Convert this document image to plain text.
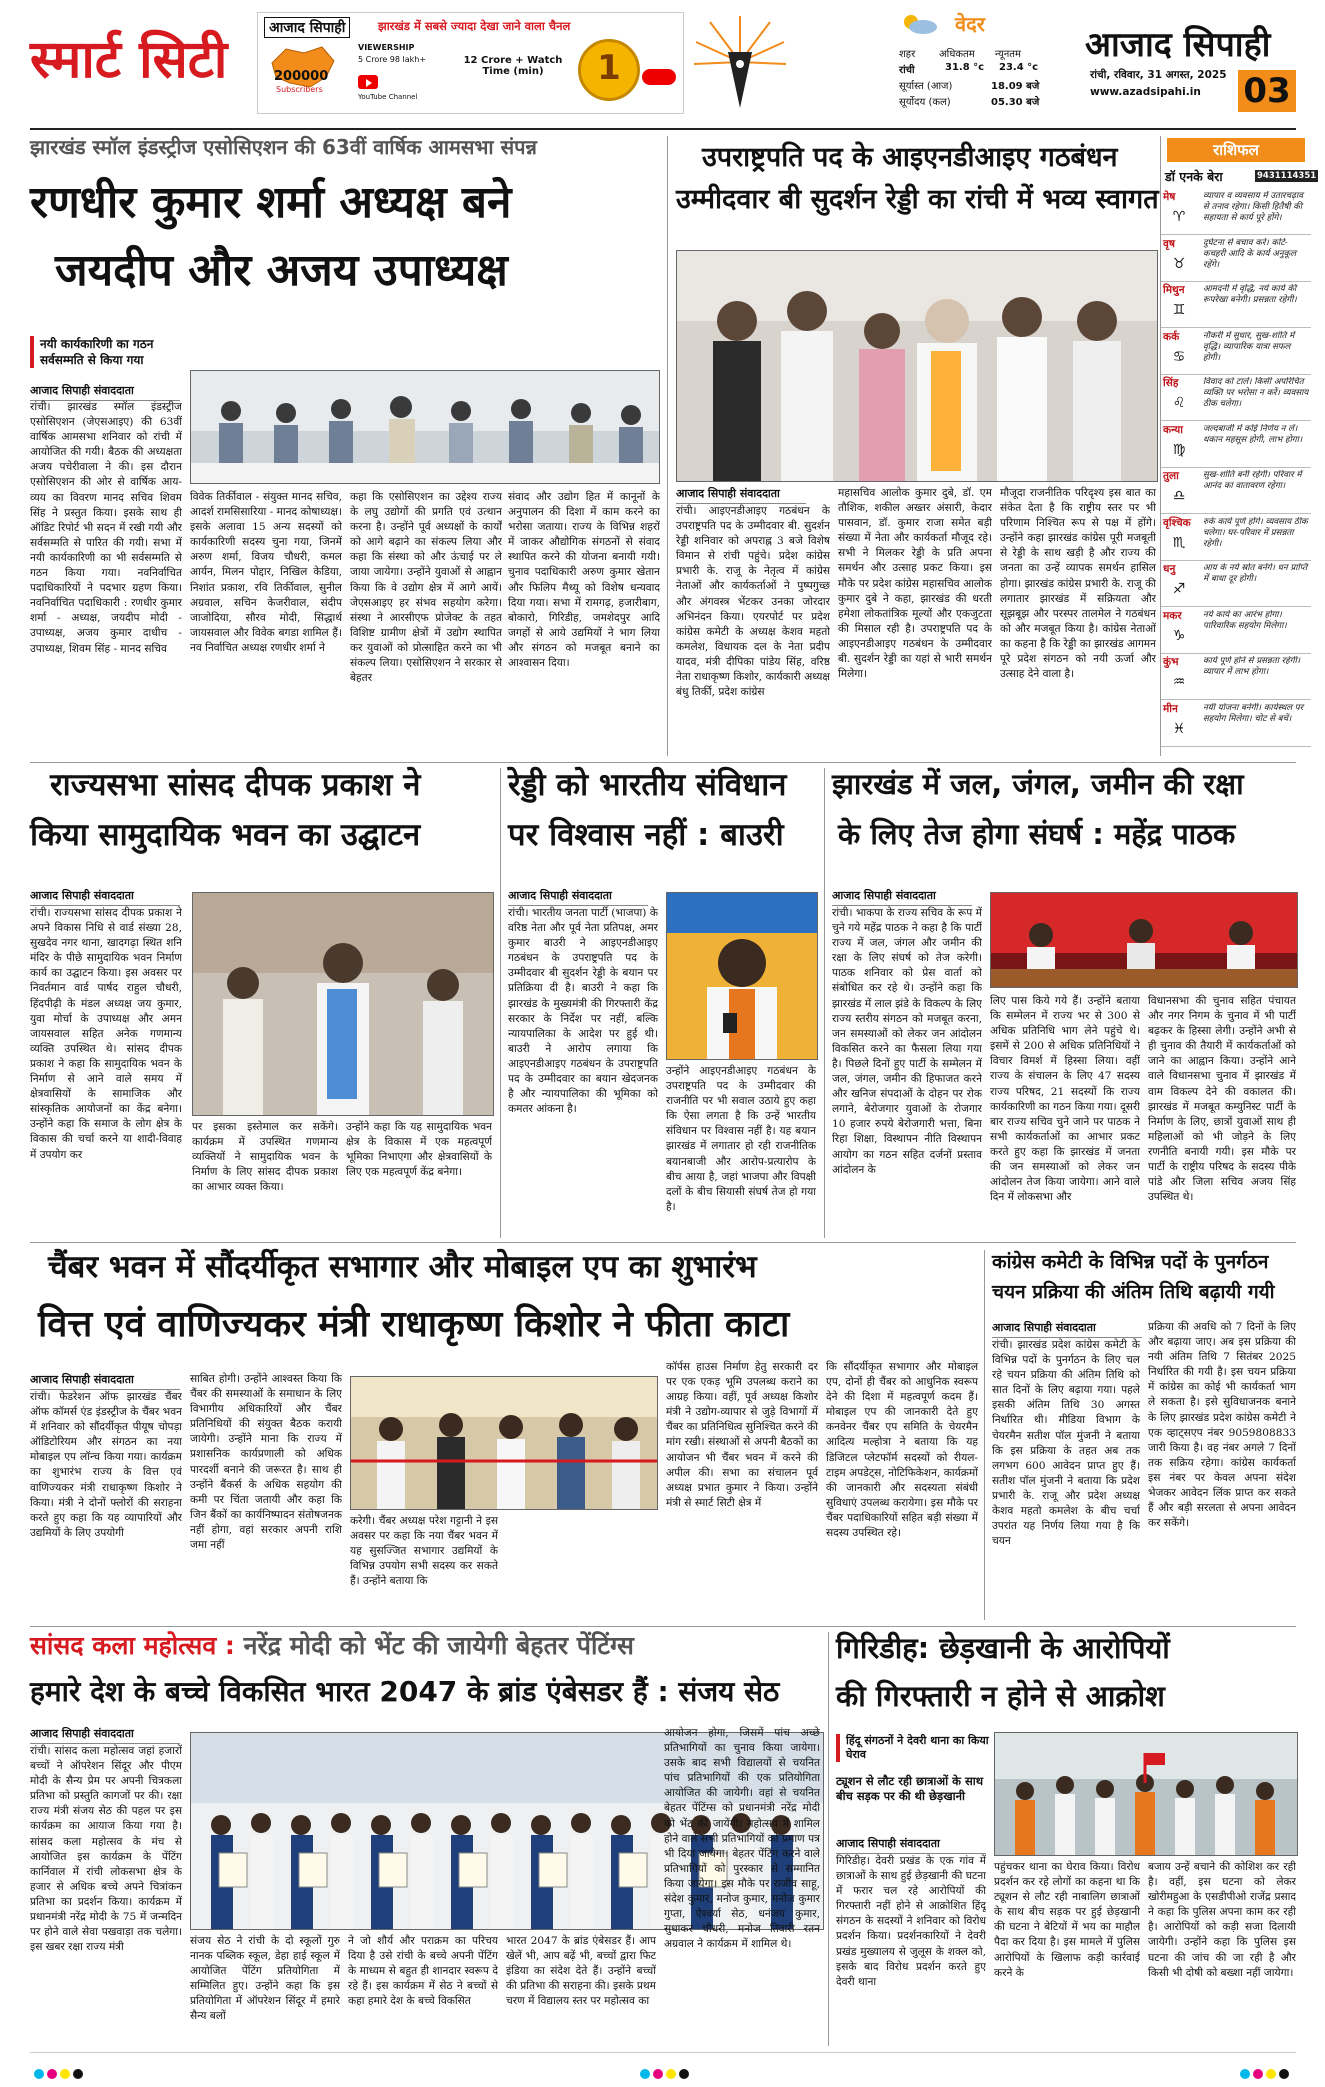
स्मार्ट सिटी
आजाद सिपाही	झारखंड में सबसे ज्यादा देखा जाने वाला चैनल
200000
Subscribers
VIEWERSHIP
5 Crore 98 lakh+
YouTube Channel
12 Crore + Watch Time (min)	1
वेदर
शहर अधिकतम न्यूनतम
रांची	31.8 °c 23.4 °c
सूर्यास्त (आज)	18.09 बजे
सूर्योदय (कल)	05.30 बजे
आजाद सिपाही
रांची, रविवार, 31 अगस्त, 2025
www.azadsipahi.in 03
झारखंड स्मॉल इंडस्ट्रीज एसोसिएशन की 63वीं वार्षिक आमसभा संपन्न
रणधीर कुमार शर्मा अध्यक्ष बने
जयदीप और अजय उपाध्यक्ष
नयी कार्यकारिणी का गठन सर्वसम्मति से किया गया
आजाद सिपाही संवाददाता
रांची। झारखंड स्मॉल इंडस्ट्रीज एसोसिएशन (जेएसआइए) की 63वीं वार्षिक आमसभा शनिवार को रांची में आयोजित की गयी। बैठक की अध्यक्षता अजय पचेरीवाला ने की। इस दौरान एसोसिएशन की ओर से वार्षिक आय-व्यय का विवरण मानद सचिव शिवम सिंह ने प्रस्तुत किया। इसके साथ ही ऑडिट रिपोर्ट भी सदन में रखी गयी और सर्वसम्मति से पारित की गयी। सभा में नयी कार्यकारिणी का भी सर्वसम्मति से गठन किया गया। नवनिर्वाचित पदाधिकारियों ने पदभार ग्रहण किया। नवनिर्वाचित पदाधिकारी : रणधीर कुमार शर्मा - अध्यक्ष, जयदीप मोदी - उपाध्यक्ष, अजय कुमार दाधीच - उपाध्यक्ष, शिवम सिंह - मानद सचिव
विवेक तिर्कीवाल - संयुक्त मानद सचिव, आदर्श रामसिसारिया - मानद कोषाध्यक्ष। इसके अलावा 15 अन्य सदस्यों को कार्यकारिणी सदस्य चुना गया, जिनमें अरुण शर्मा, विजय चौधरी, कमल आर्यन, मिलन पोद्दार, निखिल केडिया, निशांत प्रकाश, रवि तिर्कीवाल, सुनील अग्रवाल, सचिन केजरीवाल, संदीप जाजोदिया, सौरव मोदी, सिद्धार्थ जायसवाल और विवेक बगडा शामिल हैं। नव निर्वाचित अध्यक्ष रणधीर शर्मा ने
कहा कि एसोसिएशन का उद्देश्य राज्य के लघु उद्योगों की प्रगति एवं उत्थान करना है। उन्होंने पूर्व अध्यक्षों के कार्यों को आगे बढ़ाने का संकल्प लिया और कहा कि संस्था को और ऊंचाई पर ले जाया जायेगा। उन्होंने युवाओं से आह्वान किया कि वे उद्योग क्षेत्र में आगे आयें। जेएसआइए हर संभव सहयोग करेगा। संस्था ने आरसीएफ प्रोजेक्ट के तहत विशिष्ट ग्रामीण क्षेत्रों में उद्योग स्थापित कर युवाओं को प्रोत्साहित करने का भी संकल्प लिया। एसोसिएशन ने सरकार से बेहतर
संवाद और उद्योग हित में कानूनों के अनुपालन की दिशा में काम करने का भरोसा जताया। राज्य के विभिन्न शहरों में जाकर औद्योगिक संगठनों से संवाद स्थापित करने की योजना बनायी गयी। चुनाव पदाधिकारी अरुण कुमार खेतान और फिलिप मैथ्यू को विशेष धन्यवाद दिया गया। सभा में रामगढ़, हजारीबाग, बोकारो, गिरिडीह, जमशेदपुर आदि जगहों से आये उद्यमियों ने भाग लिया और संगठन को मजबूत बनाने का आश्वासन दिया।
उपराष्ट्रपति पद के आइएनडीआइए गठबंधन
उम्मीदवार बी सुदर्शन रेड्डी का रांची में भव्य स्वागत
आजाद सिपाही संवाददाता
रांची। आइएनडीआइए गठबंधन के उपराष्ट्रपति पद के उम्मीदवार बी. सुदर्शन रेड्डी शनिवार को अपराह्न 3 बजे विशेष विमान से रांची पहुंचे। प्रदेश कांग्रेस प्रभारी के. राजू के नेतृत्व में कांग्रेस नेताओं और कार्यकर्ताओं ने पुष्पगुच्छ और अंगवस्त्र भेंटकर उनका जोरदार अभिनंदन किया। एयरपोर्ट पर प्रदेश कांग्रेस कमेटी के अध्यक्ष केशव महतो कमलेश, विधायक दल के नेता प्रदीप यादव, मंत्री दीपिका पांडेय सिंह, वरिष्ठ नेता राधाकृष्ण किशोर, कार्यकारी अध्यक्ष बंधु तिर्की, प्रदेश कांग्रेस
महासचिव आलोक कुमार दुबे, डॉ. एम तौशिक, शकील अख्तर अंसारी, केदार पासवान, डॉ. कुमार राजा समेत बड़ी संख्या में नेता और कार्यकर्ता मौजूद रहे। सभी ने मिलकर रेड्डी के प्रति अपना समर्थन और उत्साह प्रकट किया। इस मौके पर प्रदेश कांग्रेस महासचिव आलोक कुमार दुबे ने कहा, झारखंड की धरती हमेशा लोकतांत्रिक मूल्यों और एकजुटता की मिसाल रही है। उपराष्ट्रपति पद के आइएनडीआइए गठबंधन के उम्मीदवार बी. सुदर्शन रेड्डी का यहां से भारी समर्थन मिलेगा।
मौजूदा राजनीतिक परिदृश्य इस बात का संकेत देता है कि राष्ट्रीय स्तर पर भी परिणाम निश्चित रूप से पक्ष में होंगे। उन्होंने कहा झारखंड कांग्रेस पूरी मजबूती से रेड्डी के साथ खड़ी है और राज्य की जनता का उन्हें व्यापक समर्थन हासिल होगा। झारखंड कांग्रेस प्रभारी के. राजू की लगातार झारखंड में सक्रियता और सूझबूझ और परस्पर तालमेल ने गठबंधन को और मजबूत किया है। कांग्रेस नेताओं का कहना है कि रेड्डी का झारखंड आगमन पूरे प्रदेश संगठन को नयी ऊर्जा और उत्साह देने वाला है।
राशिफल
डॉ एनके बेरा	9431114351
मेष
♈
व्यापार व व्यवसाय में उतारचढ़ाव से तनाव रहेगा। किसी हितैषी की सहायता से कार्य पूरे होंगे।
वृष
♉
दुर्घटना से बचाव करें। कोर्ट-कचहरी आदि के कार्य अनुकूल रहेंगे।
मिथुन
♊
आमदनी में वृद्धि, नये कार्य की रूपरेखा बनेगी। प्रसन्नता रहेगी।
कर्क
♋
नौकरी में सुधार, सुख-शांति में वृद्धि। व्यापारिक यात्रा सफल होगी।
सिंह
♌
विवाद को टालें। किसी अपरिचित व्यक्ति पर भरोसा न करें। व्यवसाय ठीक चलेगा।
कन्या
♍
जल्दबाजी में कोई निर्णय न लें। थकान महसूस होगी, लाभ होगा।
तुला
♎
सुख-शांति बनी रहेगी। परिवार में आनंद का वातावरण रहेगा।
वृश्चिक
♏
रुके कार्य पूर्ण होंगे। व्यवसाय ठीक चलेगा। घर-परिवार में प्रसन्नता रहेगी।
धनु
♐
आय के नये स्रोत बनेंगे। धन प्राप्ति में बाधा दूर होगी।
मकर
♑
नये कार्य का आरंभ होगा। पारिवारिक सहयोग मिलेगा।
कुंभ
♒
कार्य पूर्ण होने से प्रसन्नता रहेगी। व्यापार में लाभ होगा।
मीन
♓
नयी योजना बनेगी। कार्यस्थल पर सहयोग मिलेगा। चोट से बचें।
राज्यसभा सांसद दीपक प्रकाश ने
किया सामुदायिक भवन का उद्घाटन
आजाद सिपाही संवाददाता
रांची। राज्यसभा सांसद दीपक प्रकाश ने अपने विकास निधि से वार्ड संख्या 28, सुखदेव नगर थाना, खादगढ़ा स्थित शनि मंदिर के पीछे सामुदायिक भवन निर्माण कार्य का उद्घाटन किया। इस अवसर पर निवर्तमान वार्ड पार्षद राहुल चौधरी, हिंदपीढ़ी के मंडल अध्यक्ष जय कुमार, युवा मोर्चा के उपाध्यक्ष और अमन जायसवाल सहित अनेक गणमान्य व्यक्ति उपस्थित थे। सांसद दीपक प्रकाश ने कहा कि सामुदायिक भवन के निर्माण से आने वाले समय में क्षेत्रवासियों के सामाजिक और सांस्कृतिक आयोजनों का केंद्र बनेगा। उन्होंने कहा कि समाज के लोग क्षेत्र के विकास की चर्चा करने या शादी-विवाह में उपयोग कर
पर इसका इस्तेमाल कर सकेंगे। कार्यक्रम में उपस्थित गणमान्य व्यक्तियों ने सामुदायिक भवन के निर्माण के लिए सांसद दीपक प्रकाश का आभार व्यक्त किया।
उन्होंने कहा कि यह सामुदायिक भवन क्षेत्र के विकास में एक महत्वपूर्ण भूमिका निभाएगा और क्षेत्रवासियों के लिए एक महत्वपूर्ण केंद्र बनेगा।
रेड्डी को भारतीय संविधान
पर विश्वास नहीं : बाउरी
आजाद सिपाही संवाददाता
रांची। भारतीय जनता पार्टी (भाजपा) के वरिष्ठ नेता और पूर्व नेता प्रतिपक्ष, अमर कुमार बाउरी ने आइएनडीआइए गठबंधन के उपराष्ट्रपति पद के उम्मीदवार बी सुदर्शन रेड्डी के बयान पर प्रतिक्रिया दी है। बाउरी ने कहा कि झारखंड के मुख्यमंत्री की गिरफ्तारी केंद्र सरकार के निर्देश पर नहीं, बल्कि न्यायपालिका के आदेश पर हुई थी। बाउरी ने आरोप लगाया कि आइएनडीआइए गठबंधन के उपराष्ट्रपति पद के उम्मीदवार का बयान खेदजनक है और न्यायपालिका की भूमिका को कमतर आंकना है।
उन्होंने आइएनडीआइए गठबंधन के उपराष्ट्रपति पद के उम्मीदवार की राजनीति पर भी सवाल उठाये हुए कहा कि ऐसा लगता है कि उन्हें भारतीय संविधान पर विश्वास नहीं है। यह बयान झारखंड में लगातार हो रही राजनीतिक बयानबाजी और आरोप-प्रत्यारोप के बीच आया है, जहां भाजपा और विपक्षी दलों के बीच सियासी संघर्ष तेज हो गया है।
झारखंड में जल, जंगल, जमीन की रक्षा
के लिए तेज होगा संघर्ष : महेंद्र पाठक
आजाद सिपाही संवाददाता
रांची। भाकपा के राज्य सचिव के रूप में चुने गये महेंद्र पाठक ने कहा है कि पार्टी राज्य में जल, जंगल और जमीन की रक्षा के लिए संघर्ष को तेज करेगी। पाठक शनिवार को प्रेस वार्ता को संबोधित कर रहे थे। उन्होंने कहा कि झारखंड में लाल झंडे के विकल्प के लिए राज्य स्तरीय संगठन को मजबूत करना, जन समस्याओं को लेकर जन आंदोलन विकसित करने का फैसला लिया गया है। पिछले दिनों हुए पार्टी के सम्मेलन में जल, जंगल, जमीन की हिफाजत करने और खनिज संपदाओं के दोहन पर रोक लगाने, बेरोजगार युवाओं के रोजगार 10 हजार रुपये बेरोजगारी भत्ता, बिना रिहा शिक्षा, विस्थापन नीति विस्थापन आयोग का गठन सहित दर्जनों प्रस्ताव आंदोलन के
लिए पास किये गये हैं। उन्होंने बताया कि सम्मेलन में राज्य भर से 300 से अधिक प्रतिनिधि भाग लेने पहुंचे थे। इसमें से 200 से अधिक प्रतिनिधियों ने विचार विमर्श में हिस्सा लिया। वहीं राज्य के संचालन के लिए 47 सदस्य राज्य परिषद, 21 सदस्यों कि राज्य कार्यकारिणी का गठन किया गया। दूसरी बार राज्य सचिव चुने जाने पर पाठक ने सभी कार्यकर्ताओं का आभार प्रकट करते हुए कहा कि झारखंड में जनता की जन समस्याओं को लेकर जन आंदोलन तेज किया जायेगा। आने वाले दिन में लोकसभा और
विधानसभा की चुनाव सहित पंचायत और नगर निगम के चुनाव में भी पार्टी बढ़कर के हिस्सा लेगी। उन्होंने अभी से ही चुनाव की तैयारी में कार्यकर्ताओं को जाने का आह्वान किया। उन्होंने आने वाले विधानसभा चुनाव में झारखंड में वाम विकल्प देने की वकालत की। झारखंड में मजबूत कम्युनिस्ट पार्टी के निर्माण के लिए, छात्रों युवाओं साथ ही महिलाओं को भी जोड़ने के लिए रणनीति बनायी गयी। इस मौके पर पार्टी के राष्ट्रीय परिषद के सदस्य पीके पांडे और जिला सचिव अजय सिंह उपस्थित थे।
चैंबर भवन में सौंदर्यीकृत सभागार और मोबाइल एप का शुभारंभ
वित्त एवं वाणिज्यकर मंत्री राधाकृष्ण किशोर ने फीता काटा
आजाद सिपाही संवाददाता
रांची। फेडरेशन ऑफ झारखंड चैंबर ऑफ कॉमर्स एंड इंडस्ट्रीज के चैंबर भवन में शनिवार को सौंदर्यीकृत पीयूष चोपड़ा ऑडिटोरियम और संगठन का नया मोबाइल एप लॉन्च किया गया। कार्यक्रम का शुभारंभ राज्य के वित्त एवं वाणिज्यकर मंत्री राधाकृष्ण किशोर ने किया। मंत्री ने दोनों फ्लोरों की सराहना करते हुए कहा कि यह व्यापारियों और उद्यमियों के लिए उपयोगी
साबित होगी। उन्होंने आश्वस्त किया कि चैंबर की समस्याओं के समाधान के लिए विभागीय अधिकारियों और चैंबर प्रतिनिधियों की संयुक्त बैठक करायी जायेगी। उन्होंने माना कि राज्य में प्रशासनिक कार्यप्रणाली को अधिक पारदर्शी बनाने की जरूरत है। साथ ही उन्होंने बैंकर्स के अधिक सहयोग की कमी पर चिंता जतायी और कहा कि जिन बैंकों का कार्यनिष्पादन संतोषजनक नहीं होगा, वहां सरकार अपनी राशि जमा नहीं
करेगी। चैंबर अध्यक्ष परेश गट्टानी ने इस अवसर पर कहा कि नया चैंबर भवन में यह सुसज्जित सभागार उद्यमियों के विभिन्न उपयोग सभी सदस्य कर सकते हैं। उन्होंने बताया कि
कि सौंदर्यीकृत सभागार और मोबाइल एप, दोनों ही चैंबर को आधुनिक स्वरूप देने की दिशा में महत्वपूर्ण कदम हैं। मोबाइल एप की जानकारी देते हुए कनवेनर चैंबर एप समिति के चेयरमैन आदित्य मल्होत्रा ने बताया कि यह डिजिटल प्लेटफॉर्म सदस्यों को रीयल-टाइम अपडेट्स, नोटिफिकेशन, कार्यक्रमों की जानकारी और सदस्यता संबंधी सुविधाएं उपलब्ध करायेगा। इस मौके पर चैंबर पदाधिकारियों सहित बड़ी संख्या में सदस्य उपस्थित रहे।
कॉर्पस हाउस निर्माण हेतु सरकारी दर पर एक एकड़ भूमि उपलब्ध कराने का आग्रह किया। वहीं, पूर्व अध्यक्ष किशोर मंत्री ने उद्योग-व्यापार से जुड़े विभागों में चैंबर का प्रतिनिधित्व सुनिश्चित करने की मांग रखी। संस्थाओं से अपनी बैठकों का आयोजन भी चैंबर भवन में करने की अपील की। सभा का संचालन पूर्व अध्यक्ष प्रभात कुमार ने किया। उन्होंने मंत्री से स्मार्ट सिटी क्षेत्र में
कांग्रेस कमेटी के विभिन्न पदों के पुनर्गठन
चयन प्रक्रिया की अंतिम तिथि बढ़ायी गयी
आजाद सिपाही संवाददाता
रांची। झारखंड प्रदेश कांग्रेस कमेटी के विभिन्न पदों के पुनर्गठन के लिए चल रहे चयन प्रक्रिया की अंतिम तिथि को सात दिनों के लिए बढ़ाया गया। पहले इसकी अंतिम तिथि 30 अगस्त निर्धारित थी। मीडिया विभाग के चेयरमैन सतीश पॉल मुंजनी ने बताया कि इस प्रक्रिया के तहत अब तक लगभग 600 आवेदन प्राप्त हुए हैं। सतीश पॉल मुंजनी ने बताया कि प्रदेश प्रभारी के. राजू और प्रदेश अध्यक्ष केशव महतो कमलेश के बीच चर्चा उपरांत यह निर्णय लिया गया है कि चयन
प्रक्रिया की अवधि को 7 दिनों के लिए और बढ़ाया जाए। अब इस प्रक्रिया की नयी अंतिम तिथि 7 सितंबर 2025 निर्धारित की गयी है। इस चयन प्रक्रिया में कांग्रेस का कोई भी कार्यकर्ता भाग ले सकता है। इसे सुविधाजनक बनाने के लिए झारखंड प्रदेश कांग्रेस कमेटी ने एक व्हाट्सएप नंबर 9059808833 जारी किया है। वह नंबर अगले 7 दिनों तक सक्रिय रहेगा। कांग्रेस कार्यकर्ता इस नंबर पर केवल अपना संदेश भेजकर आवेदन लिंक प्राप्त कर सकते हैं और बड़ी सरलता से अपना आवेदन कर सकेंगे।
सांसद कला महोत्सव : नरेंद्र मोदी को भेंट की जायेगी बेहतर पेंटिंग्स
हमारे देश के बच्चे विकसित भारत 2047 के ब्रांड एंबेसडर हैं : संजय सेठ
आजाद सिपाही संवाददाता
रांची। सांसद कला महोत्सव जहां हजारों बच्चों ने ऑपरेशन सिंदूर और पीएम मोदी के सैन्य प्रेम पर अपनी चित्रकला प्रतिभा को प्रस्तुति कागजों पर की। रक्षा राज्य मंत्री संजय सेठ की पहल पर इस कार्यक्रम का आयाज किया गया है। सांसद कला महोत्सव के मंच से आयोजित इस कार्यक्रम के पेंटिंग कार्निवाल में रांची लोकसभा क्षेत्र के हजार से अधिक बच्चे अपने चित्रांकन प्रतिभा का प्रदर्शन किया। कार्यक्रम में प्रधानमंत्री नरेंद्र मोदी के 75 में जन्मदिन पर होने वाले सेवा पखवाड़ा तक चलेगा। इस खबर रक्षा राज्य मंत्री
संजय सेठ ने रांची के दो स्कूलों गुरु नानक पब्लिक स्कूल, डेहा हाई स्कूल में आयोजित पेंटिंग प्रतियोगिता में सम्मिलित हुए। उन्होंने कहा कि इस प्रतियोगिता में ऑपरेशन सिंदूर में हमारे सैन्य बलों
ने जो शौर्य और पराक्रम का परिचय दिया है उसे रांची के बच्चे अपनी पेंटिंग के माध्यम से बहुत ही शानदार स्वरूप दे रहे हैं। इस कार्यक्रम में सेठ ने बच्चों से कहा हमारे देश के बच्चे विकसित
भारत 2047 के ब्रांड एंबेसडर हैं। आप खेलें भी, आप बढ़ें भी, बच्चों द्वारा फिट इंडिया का संदेश देते हैं। उन्होंने बच्चों की प्रतिभा की सराहना की। इसके प्रथम चरण में विद्यालय स्तर पर महोत्सव का
आयोजन होगा, जिसमें पांच अच्छे प्रतिभागियों का चुनाव किया जायेगा। उसके बाद सभी विद्यालयों से चयनित पांच प्रतिभागियों की एक प्रतियोगिता आयोजित की जायेगी। वहां से चयनित बेहतर पेंटिंग्स को प्रधानमंत्री नरेंद्र मोदी को भेंट की जायेंगी। महोत्सव में शामिल होने वाले सभी प्रतिभागियों को प्रमाण पत्र भी दिया जायेगा। बेहतर पेंटिंग करने वाले प्रतिभागियों को पुरस्कार से सम्मानित किया जायेगा। इस मौके पर राजीव साहू, संदेश कुमार, मनोज कुमार, मनोज कुमार गुप्ता, ऐश्वर्या सेठ, धनंजय कुमार, सुधाकर चौधरी, मनोज तिवारी रतन अग्रवाल ने कार्यक्रम में शामिल थे।
गिरिडीह: छेड़खानी के आरोपियों
की गिरफ्तारी न होने से आक्रोश
हिंदू संगठनों ने देवरी थाना का किया घेराव
ट्यूशन से लौट रही छात्राओं के साथ बीच सड़क पर की थी छेड़खानी
आजाद सिपाही संवाददाता
गिरिडीह। देवरी प्रखंड के एक गांव में छात्राओं के साथ हुई छेड़खानी की घटना में फरार चल रहे आरोपियों की गिरफ्तारी नहीं होने से आक्रोशित हिंदू संगठन के सदस्यों ने शनिवार को विरोध प्रदर्शन किया। प्रदर्शनकारियों ने देवरी प्रखंड मुख्यालय से जुलूस के शक्ल को, इसके बाद विरोध प्रदर्शन करते हुए देवरी थाना
पहुंचकर थाना का घेराव किया। विरोध प्रदर्शन कर रहे लोगों का कहना था कि ट्यूशन से लौट रही नाबालिग छात्राओं के साथ बीच सड़क पर हुई छेड़खानी की घटना ने बेटियों में भय का माहौल पैदा कर दिया है। इस मामले में पुलिस आरोपियों के खिलाफ कड़ी कार्रवाई करने के
बजाय उन्हें बचाने की कोशिश कर रही है। वहीं, इस घटना को लेकर खोरीमहुआ के एसडीपीओ राजेंद्र प्रसाद ने कहा कि पुलिस अपना काम कर रही है। आरोपियों को कड़ी सजा दिलायी जायेगी। उन्होंने कहा कि पुलिस इस घटना की जांच की जा रही है और किसी भी दोषी को बख्शा नहीं जायेगा।
